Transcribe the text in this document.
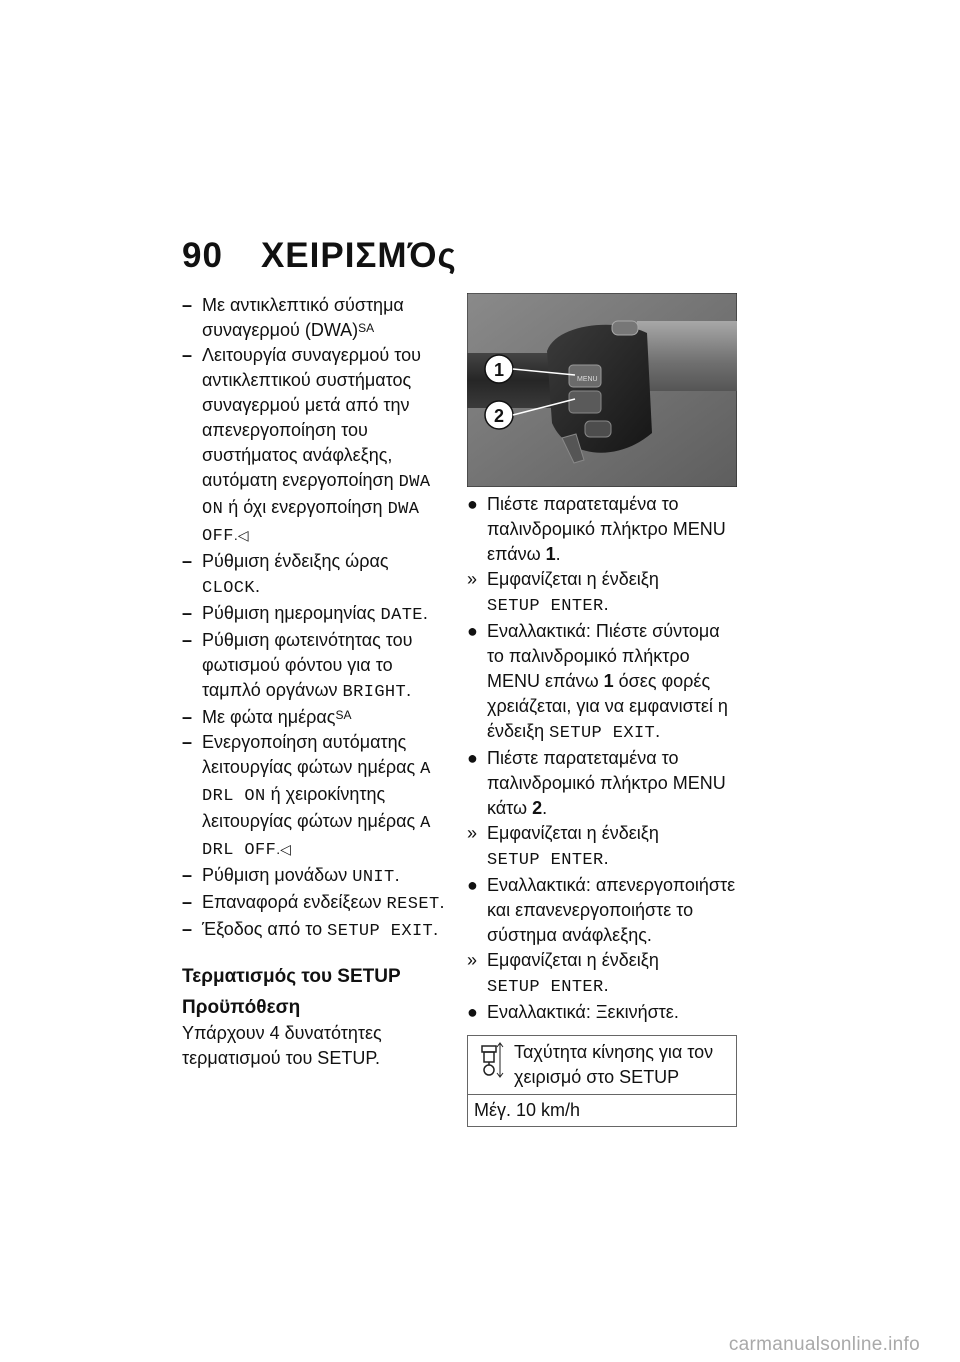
90 ΧΕΙΡΙΣΜΌς
– Με αντικλεπτικό σύστημα συναγερμού (DWA)$^{SA}$
– Λειτουργία συναγερμού του αντικλεπτικού συστήματος συναγερμού μετά από την απενεργοποίηση του συστήματος ανάφλεξης, αυτόματη ενεργοποίηση DWA ON ή όχι ενεργοποίηση DWA OFF.◁
– Ρύθμιση ένδειξης ώρας CLOCK.
– Ρύθμιση ημερομηνίας DATE.
– Ρύθμιση φωτεινότητας του φωτισμού φόντου για το ταμπλό οργάνων BRIGHT.
– Με φώτα ημέρας$^{SA}$
– Ενεργοποίηση αυτόματης λειτουργίας φώτων ημέρας A DRL ON ή χειροκίνητης λειτουργίας φώτων ημέρας A DRL OFF.◁
– Ρύθμιση μονάδων UNIT.
– Επαναφορά ενδείξεων RESET.
– Έξοδος από το SETUP EXIT.
Τερματισμός του SETUP
Προϋπόθεση
Υπάρχουν 4 δυνατότητες τερματισμού του SETUP.
1
2
MENU
● Πιέστε παρατεταμένα το παλινδρομικό πλήκτρο MENU επάνω 1.
» Εμφανίζεται η ένδειξη
SETUP ENTER.
● Εναλλακτικά: Πιέστε σύντομα το παλινδρομικό πλήκτρο MENU επάνω 1 όσες φορές χρειάζεται, για να εμφανιστεί η ένδειξη SETUP EXIT.
● Πιέστε παρατεταμένα το παλινδρομικό πλήκτρο MENU κάτω 2.
» Εμφανίζεται η ένδειξη
SETUP ENTER.
● Εναλλακτικά: απενεργοποιήστε και επανενεργοποιήστε το σύστημα ανάφλεξης.
» Εμφανίζεται η ένδειξη
SETUP ENTER.
● Εναλλακτικά: Ξεκινήστε.
Ταχύτητα κίνησης για τον χειρισμό στο SETUP
Μέγ. 10 km/h
carmanualsonline.info
